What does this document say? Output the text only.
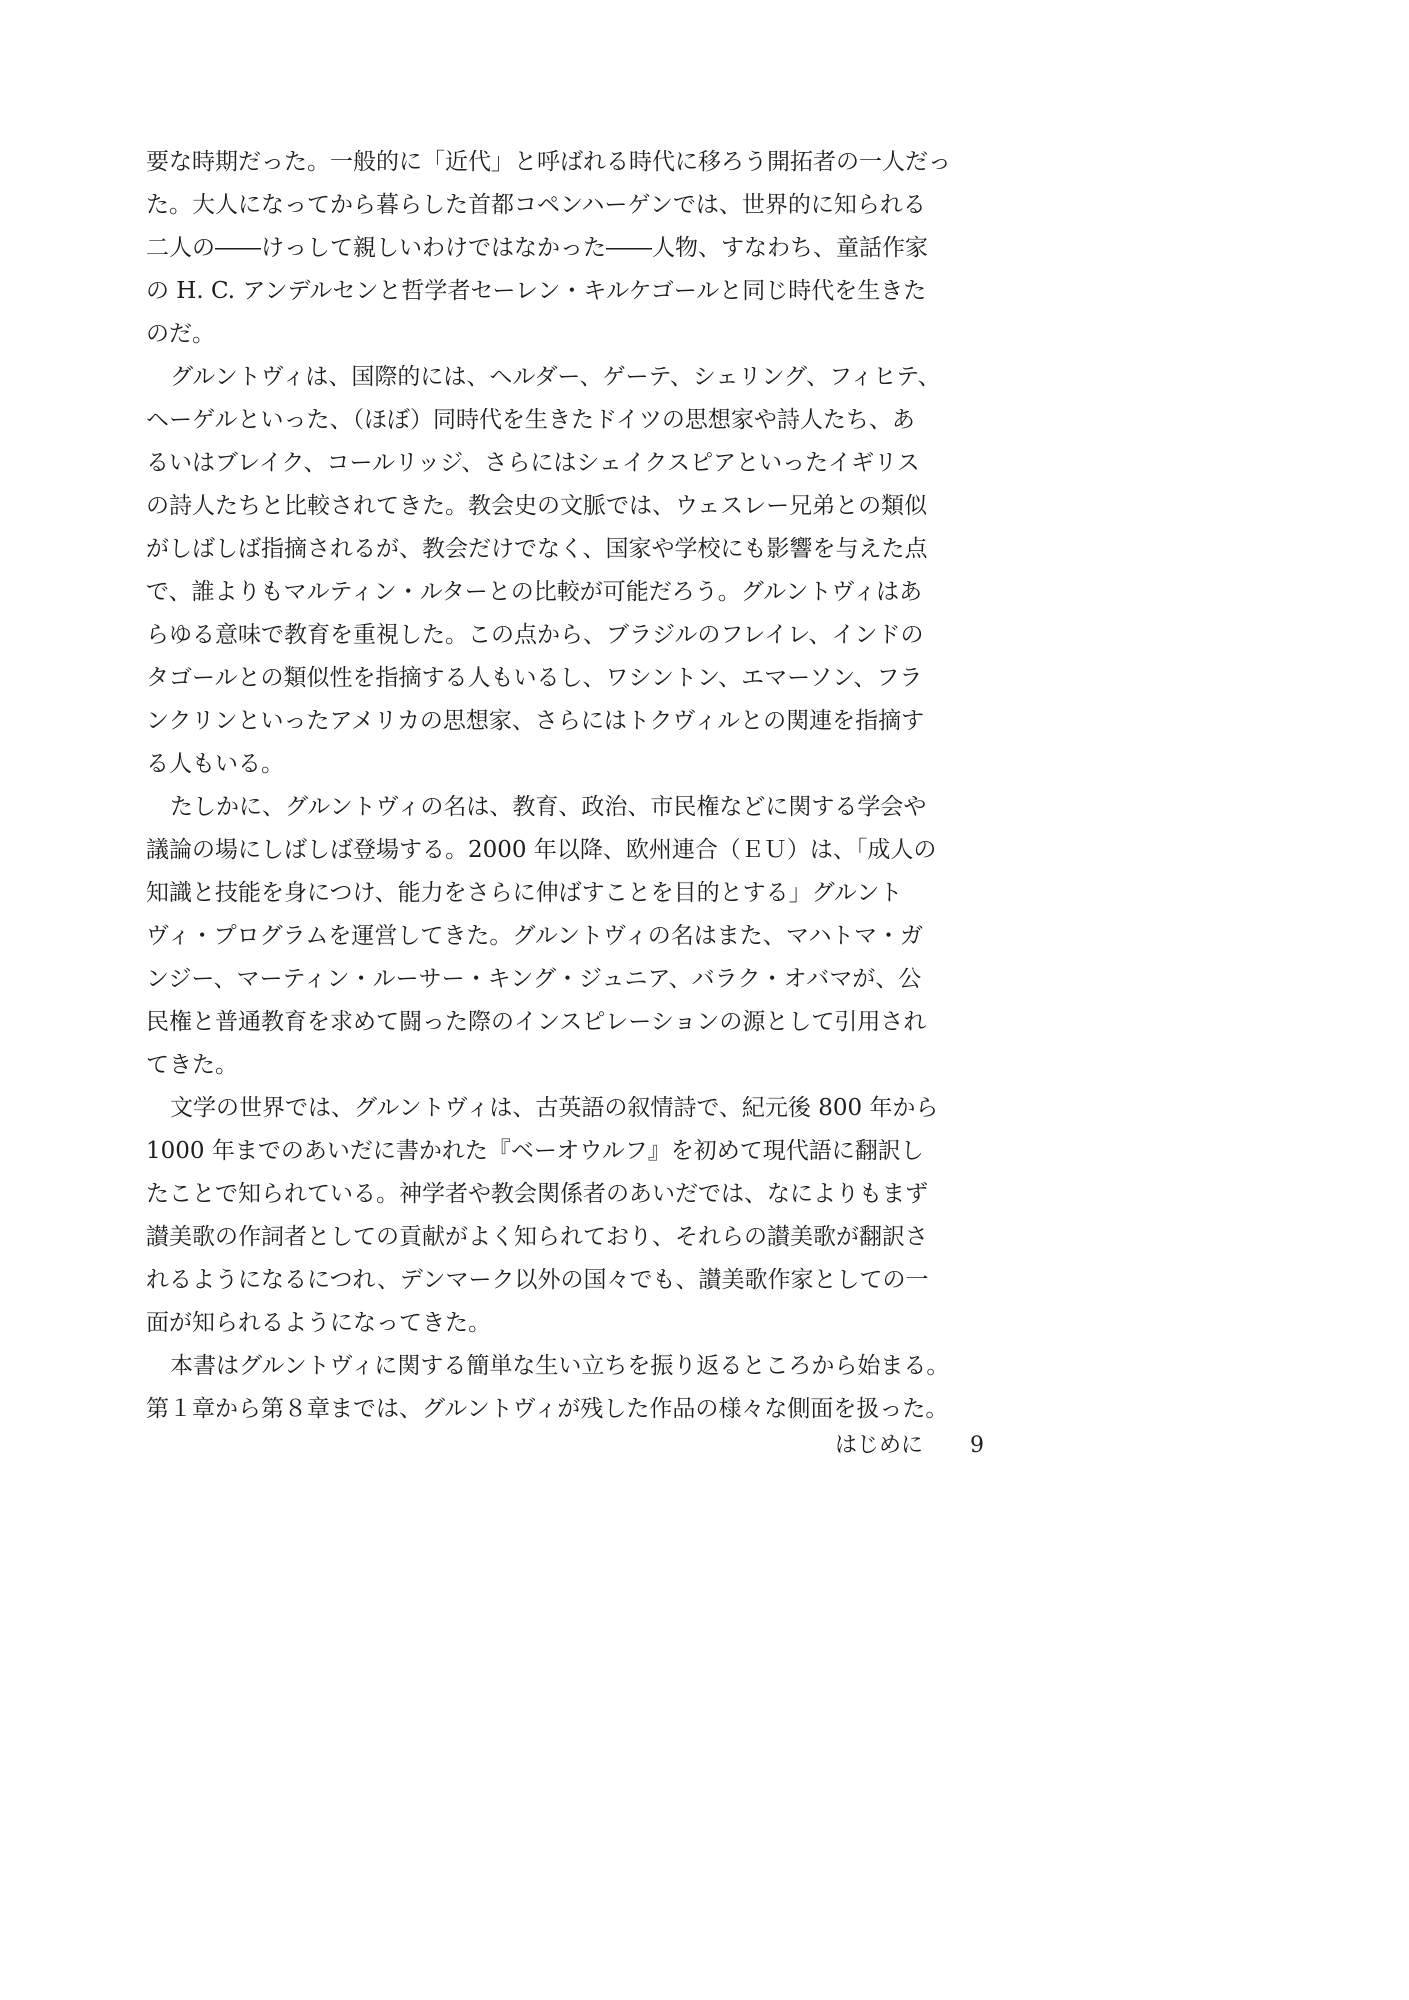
要な時期だった。一般的に「近代」と呼ばれる時代に移ろう開拓者の一人だっ
た。大人になってから暮らした首都コペンハーゲンでは、世界的に知られる
二人の――けっして親しいわけではなかった――人物、すなわち、童話作家
の H. C. アンデルセンと哲学者セーレン・キルケゴールと同じ時代を生きた
のだ。
グルントヴィは、国際的には、ヘルダー、ゲーテ、シェリング、フィヒテ、
ヘーゲルといった、（ほぼ）同時代を生きたドイツの思想家や詩人たち、あ
るいはブレイク、コールリッジ、さらにはシェイクスピアといったイギリス
の詩人たちと比較されてきた。教会史の文脈では、ウェスレー兄弟との類似
がしばしば指摘されるが、教会だけでなく、国家や学校にも影響を与えた点
で、誰よりもマルティン・ルターとの比較が可能だろう。グルントヴィはあ
らゆる意味で教育を重視した。この点から、ブラジルのフレイレ、インドの
タゴールとの類似性を指摘する人もいるし、ワシントン、エマーソン、フラ
ンクリンといったアメリカの思想家、さらにはトクヴィルとの関連を指摘す
る人もいる。
たしかに、グルントヴィの名は、教育、政治、市民権などに関する学会や
議論の場にしばしば登場する。2000 年以降、欧州連合（ＥＵ）は、「成人の
知識と技能を身につけ、能力をさらに伸ばすことを目的とする」グルント
ヴィ・プログラムを運営してきた。グルントヴィの名はまた、マハトマ・ガ
ンジー、マーティン・ルーサー・キング・ジュニア、バラク・オバマが、公
民権と普通教育を求めて闘った際のインスピレーションの源として引用され
てきた。
文学の世界では、グルントヴィは、古英語の叙情詩で、紀元後 800 年から
1000 年までのあいだに書かれた『ベーオウルフ』を初めて現代語に翻訳し
たことで知られている。神学者や教会関係者のあいだでは、なによりもまず
讃美歌の作詞者としての貢献がよく知られており、それらの讃美歌が翻訳さ
れるようになるにつれ、デンマーク以外の国々でも、讃美歌作家としての一
面が知られるようになってきた。
本書はグルントヴィに関する簡単な生い立ちを振り返るところから始まる。
第１章から第８章までは、グルントヴィが残した作品の様々な側面を扱った。
はじめに 9
